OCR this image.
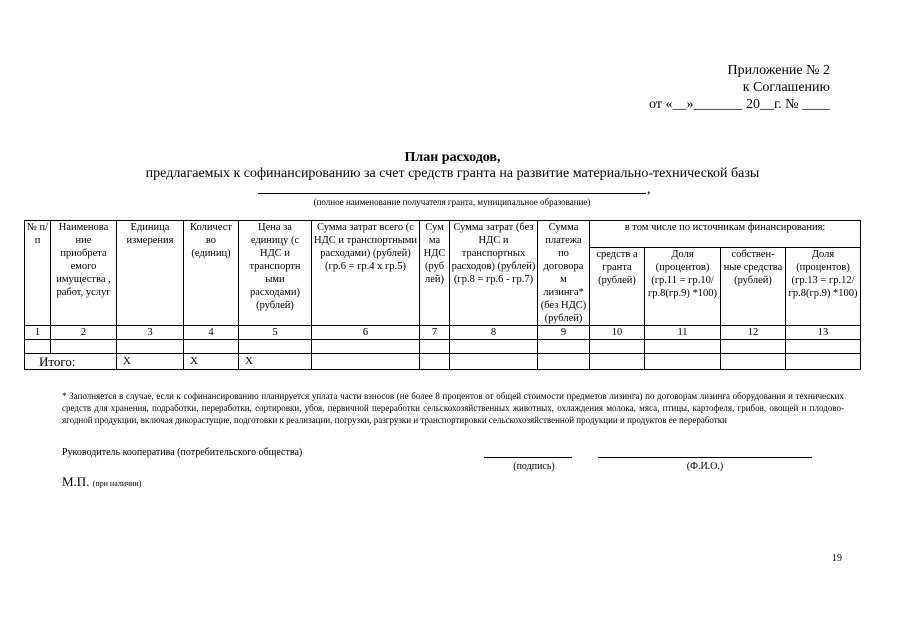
Приложение № 2
к Соглашению
от «__»_______ 20__г. № ____
План расходов,
предлагаемых к софинансированию за счет средств гранта на развитие материально-технической базы
,
(полное наименование получателя гранта, муниципальное образование)
№ п/п	Наименова ние приобрета емого имущества , работ, услуг	Единица измерения	Количест во (единиц)	Цена за единицу (с НДС и транспортн ыми расходами) (рублей)	Сумма затрат всего (с НДС и транспортными расходами) (рублей) (гр.6 = гр.4 х гр.5)	Сум ма НДС (руб лей)	Сумма затрат (без НДС и транспортных расходов) (рублей) (гр.8 = гр.6 - гр.7)	Сумма платежа по договора м лизинга* (без НДС) (рублей)	в том числе по источникам финансирования:			
									средств а гранта (рублей)	Доля (процентов) (гр.11 = гр.10/ гр.8(гр.9) *100)	собствен- ные средства (рублей)	Доля (процентов) (гр.13 = гр.12/ гр.8(гр.9) *100)
1	2	3	4	5	6	7	8	9	10	11	12	13

Итого:		X	X	X								
* Заполняется в случае, если к софинансированию планируется уплата части взносов (не более 8 процентов от общей стоимости предметов лизинга) по договорам лизинга оборудования и технических средств для хранения, подработки, переработки, сортировки, убоя, первичной переработки сельскохозяйственных животных, охлаждения молока, мяса, птицы, картофеля, грибов, овощей и плодово-ягодной продукции, включая дикорастущие, подготовки к реализации, погрузки, разгрузки и транспортировки сельскохозяйственной продукции и продуктов ее переработки
Руководитель кооператива (потребительского общества)
(подпись)	(Ф.И.О.)
М.П. (при наличии)
19
